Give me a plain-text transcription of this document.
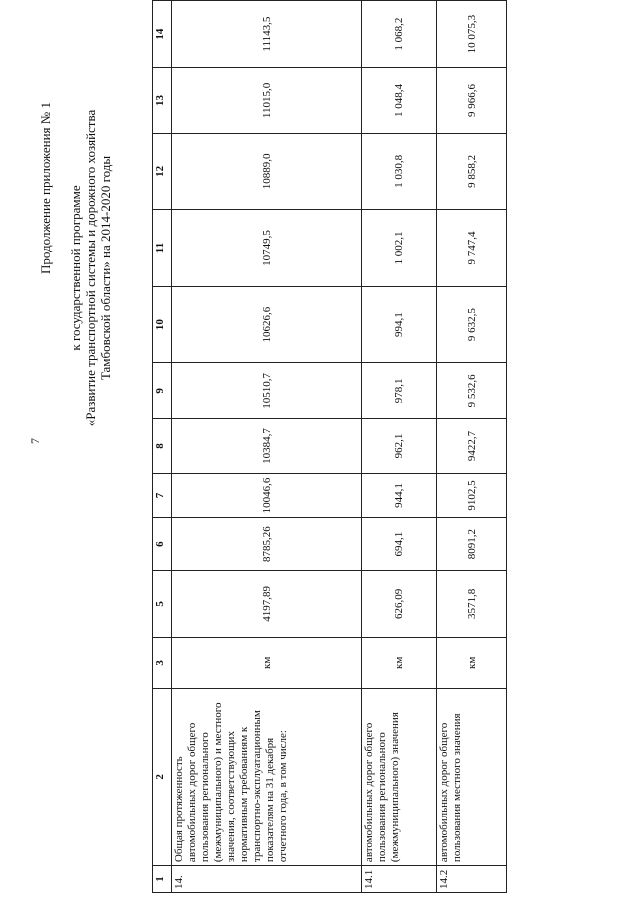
7
Продолжение приложения № 1 к государственной программе «Развитие транспортной системы и дорожного хозяйства Тамбовской области» на 2014-2020 годы
1	2	3	5	6	7	8	9	10	11	12	13	14
14.	Общая протяженность автомобильных дорог общего пользования регионального (межмуниципального) и местного значения, соответствующих нормативным требованиям к транспортно-эксплуатационным показателям на 31 декабря отчетного года, в том числе:	км	4197,89	8785,26	10046,6	10384,7	10510,7	10626,6	10749,5	10889,0	11015,0	11143,5
14.1	автомобильных дорог общего пользования регионального (межмуниципального) значения	км	626,09	694,1	944,1	962,1	978,1	994,1	1 002,1	1 030,8	1 048,4	1 068,2
14.2	автомобильных дорог общего пользования местного значения	км	3571,8	8091,2	9102,5	9422,7	9 532,6	9 632,5	9 747,4	9 858,2	9 966,6	10 075,3
